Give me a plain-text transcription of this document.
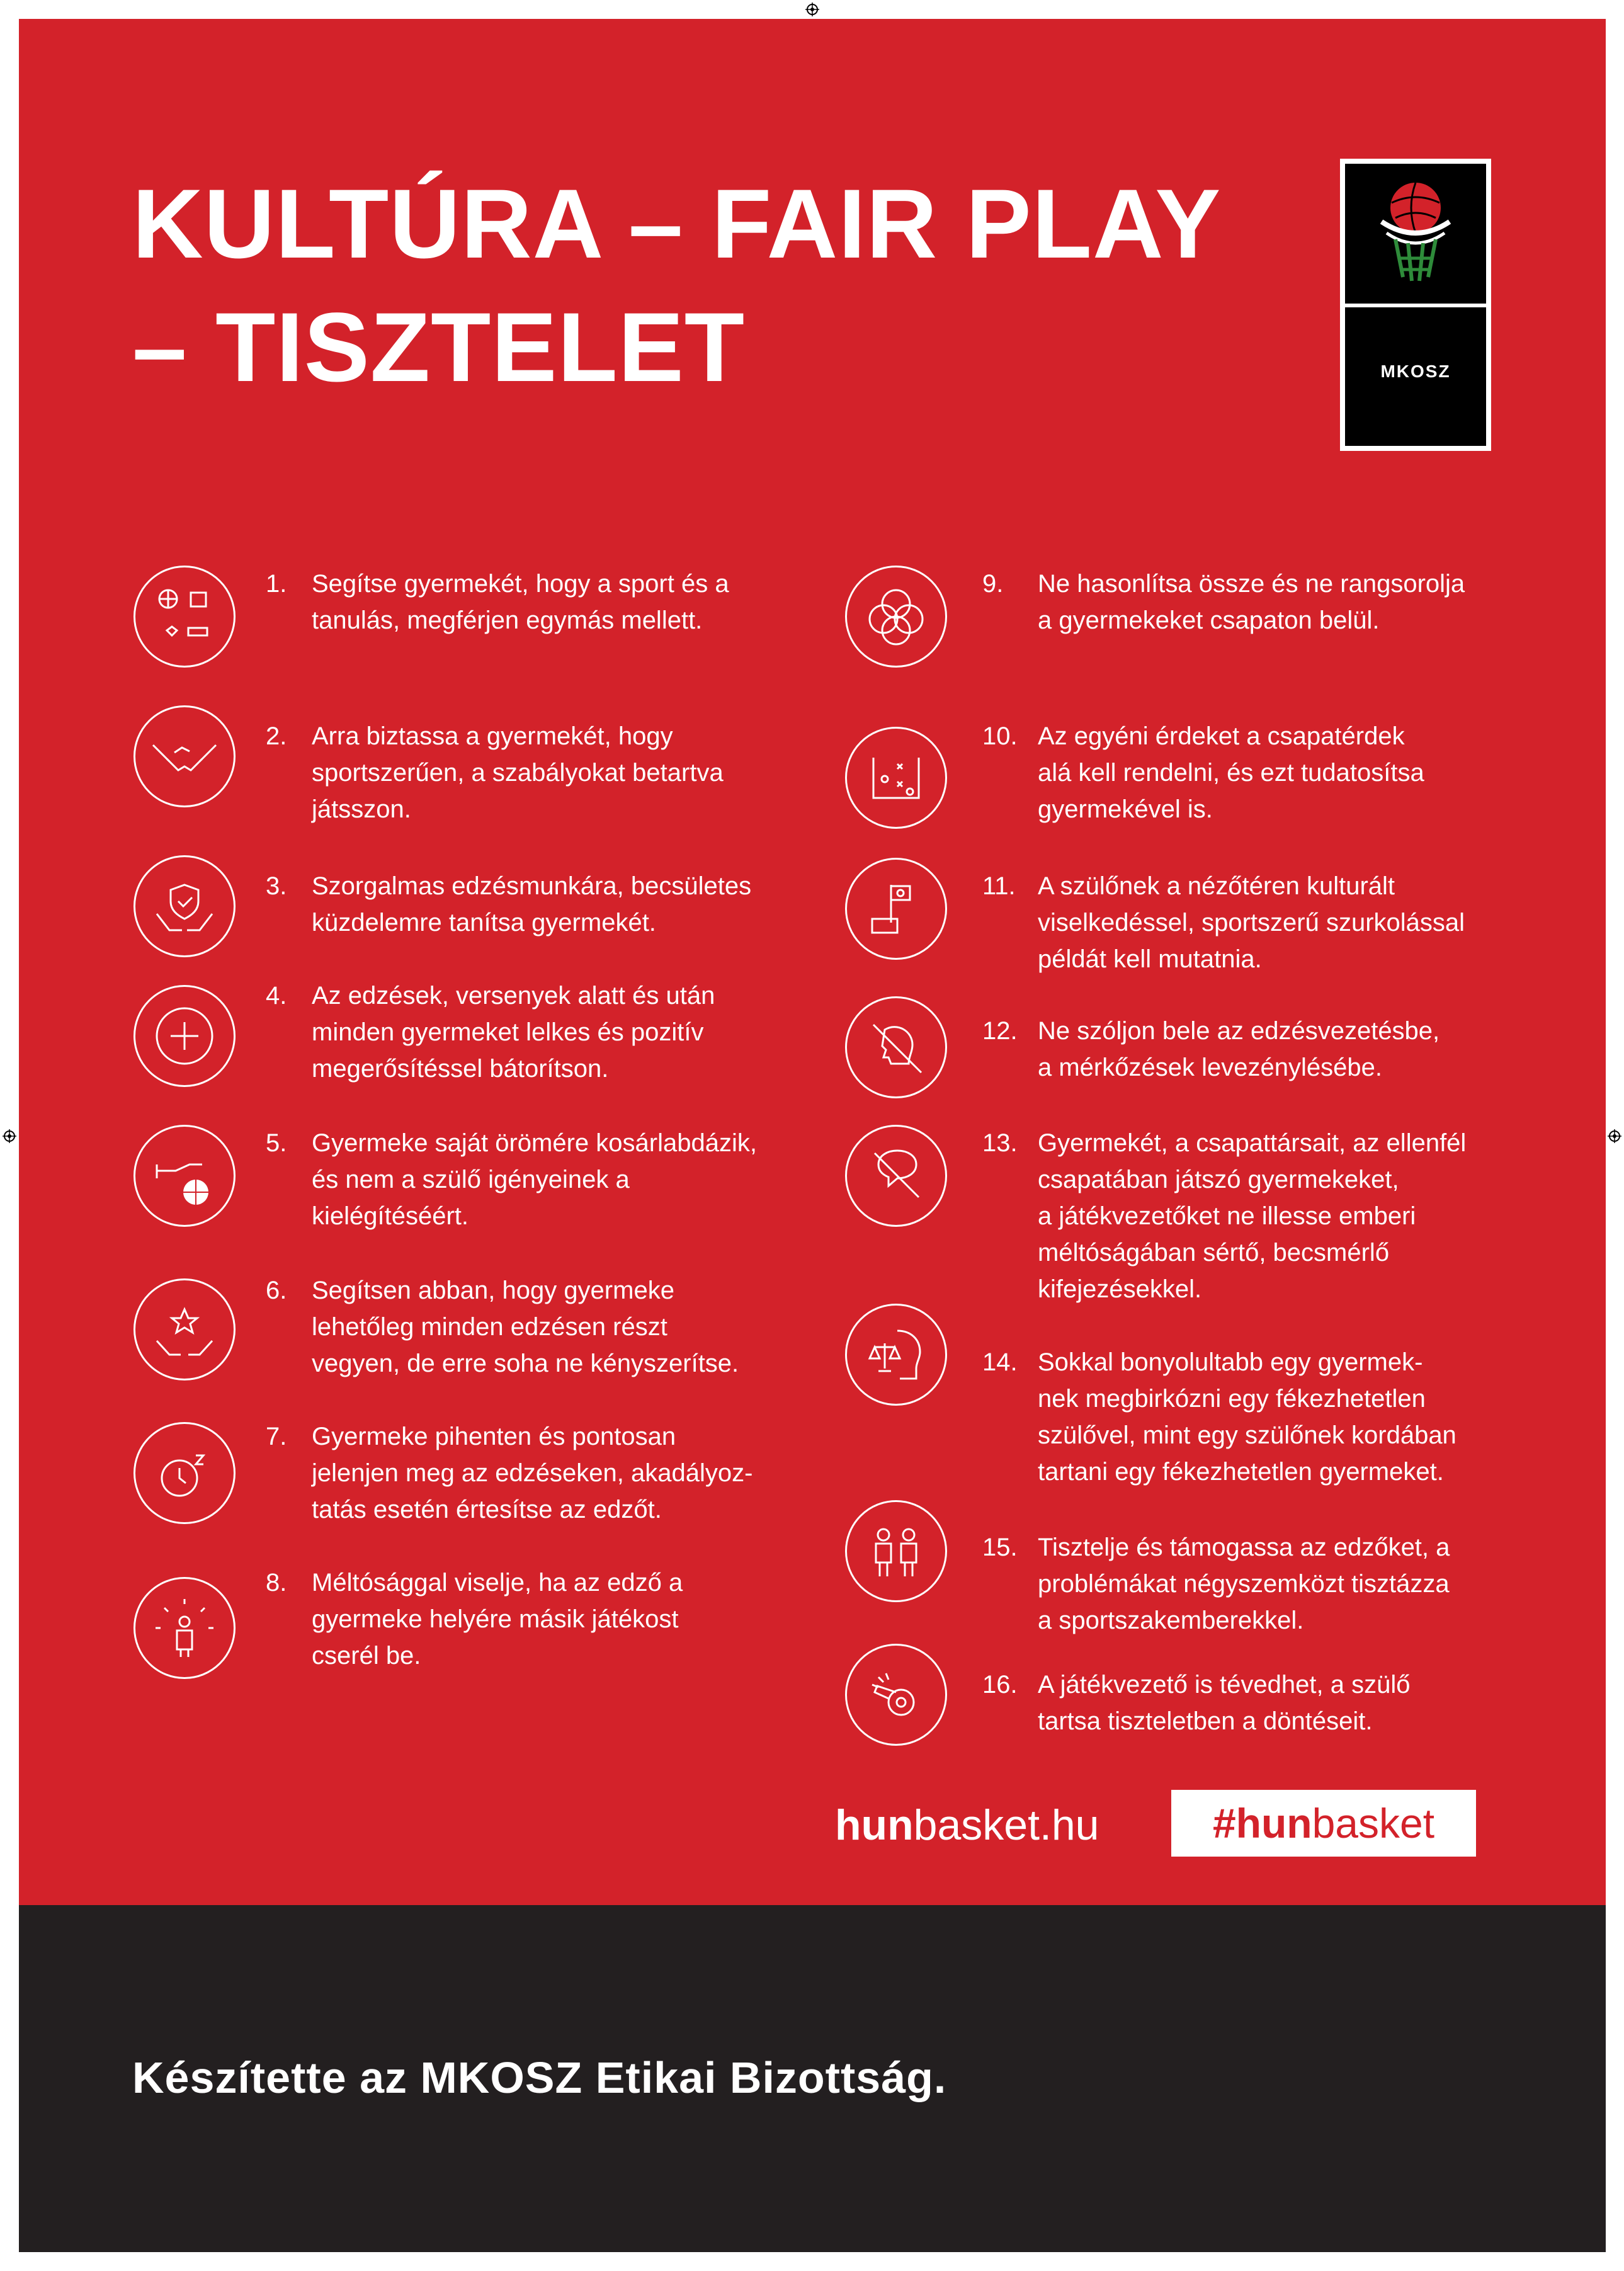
KULTÚRA – FAIR PLAY
– TISZTELET	MKOSZ
1. Segítse gyermekét, hogy a sport és a
tanulás, megférjen egymás mellett.
2. Arra biztassa a gyermekét, hogy
sportszerűen, a szabályokat betartva
játsszon.
3. Szorgalmas edzésmunkára, becsületes
küzdelemre tanítsa gyermekét.
4. Az edzések, versenyek alatt és után
minden gyermeket lelkes és pozitív
megerősítéssel bátorítson.
5. Gyermeke saját örömére kosárlabdázik,
és nem a szülő igényeinek a
kielégítéséért.
6. Segítsen abban, hogy gyermeke
lehetőleg minden edzésen részt
vegyen, de erre soha ne kényszerítse.
7. Gyermeke pihenten és pontosan
jelenjen meg az edzéseken, akadályoz-
tatás esetén értesítse az edzőt.
8. Méltósággal viselje, ha az edző a
gyermeke helyére másik játékost
cserél be.
9. Ne hasonlítsa össze és ne rangsorolja
a gyermekeket csapaton belül.
10. Az egyéni érdeket a csapatérdek
alá kell rendelni, és ezt tudatosítsa
gyermekével is.
11. A szülőnek a nézőtéren kulturált
viselkedéssel, sportszerű szurkolással
példát kell mutatnia.
12. Ne szóljon bele az edzésvezetésbe,
a mérkőzések levezénylésébe.
13. Gyermekét, a csapattársait, az ellenfél
csapatában játszó gyermekeket,
a játékvezetőket ne illesse emberi
méltóságában sértő, becsmérlő
kifejezésekkel.
14. Sokkal bonyolultabb egy gyermek-
nek megbirkózni egy fékezhetetlen
szülővel, mint egy szülőnek kordában
tartani egy fékezhetetlen gyermeket.
15. Tisztelje és támogassa az edzőket, a
problémákat négyszemközt tisztázza
a sportszakemberekkel.
16. A játékvezető is tévedhet, a szülő
tartsa tiszteletben a döntéseit.
hunbasket.hu	#hunbasket
Készítette az MKOSZ Etikai Bizottság.
